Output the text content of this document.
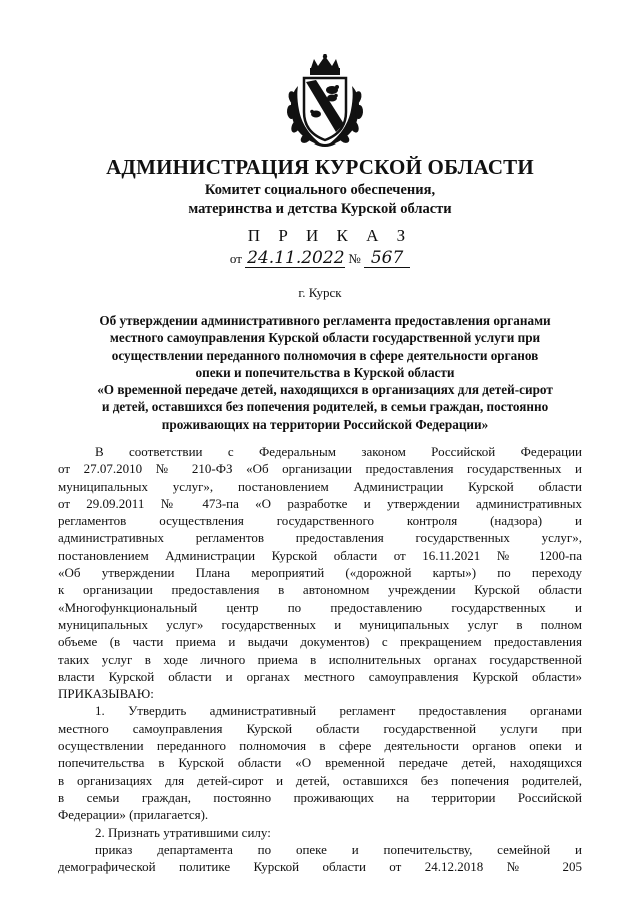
АДМИНИСТРАЦИЯ КУРСКОЙ ОБЛАСТИ
Комитет социального обеспечения,
материнства и детства Курской области
П Р И К А З
от 24.11.2022 № 567
г. Курск
Об утверждении административного регламента предоставления органами
местного самоуправления Курской области государственной услуги при
осуществлении переданного полномочия в сфере деятельности органов
опеки и попечительства в Курской области
«О временной передаче детей, находящихся в организациях для детей-сирот
и детей, оставшихся без попечения родителей, в семьи граждан, постоянно
проживающих на территории Российской Федерации»
В соответствии с Федеральным законом Российской Федерации
от 27.07.2010 № 210-ФЗ «Об организации предоставления государственных и
муниципальных услуг», постановлением Администрации Курской области
от 29.09.2011 № 473-па «О разработке и утверждении административных
регламентов осуществления государственного контроля (надзора) и
административных регламентов предоставления государственных услуг»,
постановлением Администрации Курской области от 16.11.2021 № 1200-па
«Об утверждении Плана мероприятий («дорожной карты») по переходу
к организации предоставления в автономном учреждении Курской области
«Многофункциональный центр по предоставлению государственных и
муниципальных услуг» государственных и муниципальных услуг в полном
объеме (в части приема и выдачи документов) с прекращением предоставления
таких услуг в ходе личного приема в исполнительных органах государственной
власти Курской области и органах местного самоуправления Курской области»
ПРИКАЗЫВАЮ:
1. Утвердить административный регламент предоставления органами
местного самоуправления Курской области государственной услуги при
осуществлении переданного полномочия в сфере деятельности органов опеки и
попечительства в Курской области «О временной передаче детей, находящихся
в организациях для детей-сирот и детей, оставшихся без попечения родителей,
в семьи граждан, постоянно проживающих на территории Российской
Федерации» (прилагается).
2. Признать утратившими силу:
приказ департамента по опеке и попечительству, семейной и
демографической политике Курской области от 24.12.2018 № 205
